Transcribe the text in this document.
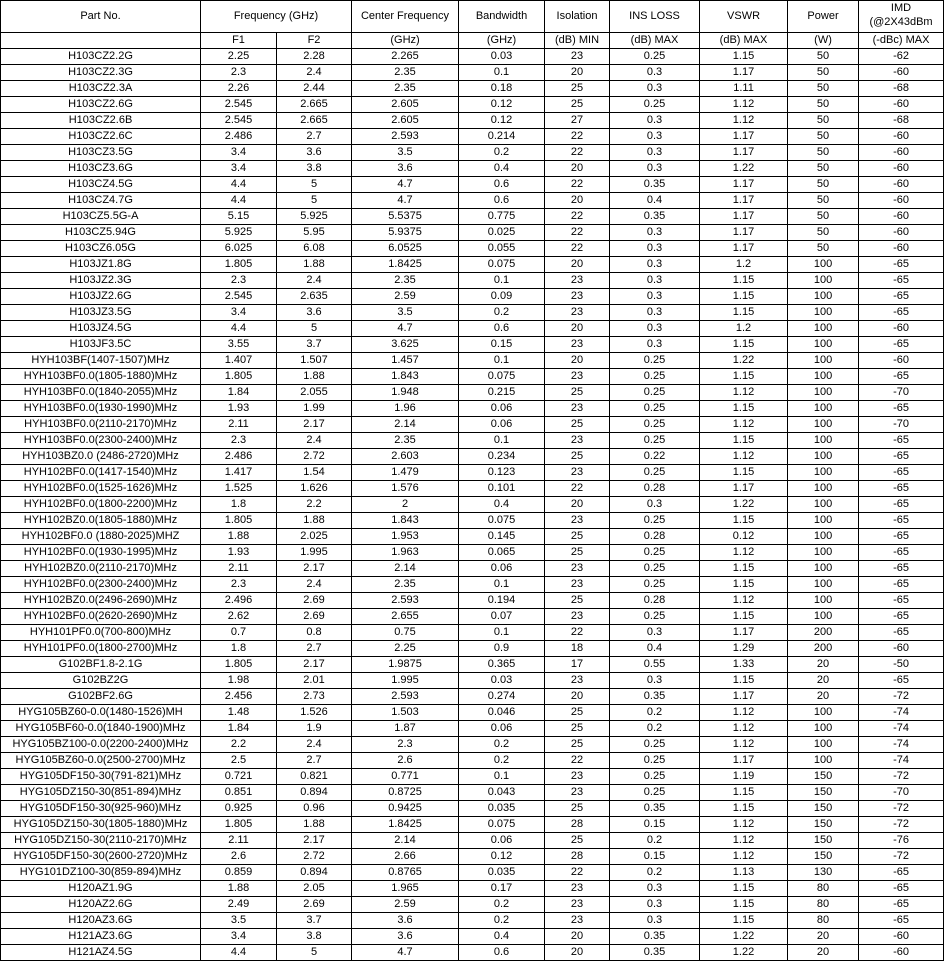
Part No.	Frequency (GHz)		Center Frequency	Bandwidth	Isolation	INS LOSS	VSWR	Power	IMD
(@2X43dBm

	F1	F2	(GHz)	(GHz)	(dB) MIN	(dB) MAX	(dB) MAX	(W)	(-dBc) MAX
H103CZ2.2G	2.25	2.28	2.265	0.03	23	0.25	1.15	50	-62
H103CZ2.3G	2.3	2.4	2.35	0.1	20	0.3	1.17	50	-60
H103CZ2.3A	2.26	2.44	2.35	0.18	25	0.3	1.11	50	-68
H103CZ2.6G	2.545	2.665	2.605	0.12	25	0.25	1.12	50	-60
H103CZ2.6B	2.545	2.665	2.605	0.12	27	0.3	1.12	50	-68
H103CZ2.6C	2.486	2.7	2.593	0.214	22	0.3	1.17	50	-60
H103CZ3.5G	3.4	3.6	3.5	0.2	22	0.3	1.17	50	-60
H103CZ3.6G	3.4	3.8	3.6	0.4	20	0.3	1.22	50	-60
H103CZ4.5G	4.4	5	4.7	0.6	22	0.35	1.17	50	-60
H103CZ4.7G	4.4	5	4.7	0.6	20	0.4	1.17	50	-60
H103CZ5.5G-A	5.15	5.925	5.5375	0.775	22	0.35	1.17	50	-60
H103CZ5.94G	5.925	5.95	5.9375	0.025	22	0.3	1.17	50	-60
H103CZ6.05G	6.025	6.08	6.0525	0.055	22	0.3	1.17	50	-60
H103JZ1.8G	1.805	1.88	1.8425	0.075	20	0.3	1.2	100	-65
H103JZ2.3G	2.3	2.4	2.35	0.1	23	0.3	1.15	100	-65
H103JZ2.6G	2.545	2.635	2.59	0.09	23	0.3	1.15	100	-65
H103JZ3.5G	3.4	3.6	3.5	0.2	23	0.3	1.15	100	-65
H103JZ4.5G	4.4	5	4.7	0.6	20	0.3	1.2	100	-60
H103JF3.5C	3.55	3.7	3.625	0.15	23	0.3	1.15	100	-65
HYH103BF(1407-1507)MHz	1.407	1.507	1.457	0.1	20	0.25	1.22	100	-60
HYH103BF0.0(1805-1880)MHz	1.805	1.88	1.843	0.075	23	0.25	1.15	100	-65
HYH103BF0.0(1840-2055)MHz	1.84	2.055	1.948	0.215	25	0.25	1.12	100	-70
HYH103BF0.0(1930-1990)MHz	1.93	1.99	1.96	0.06	23	0.25	1.15	100	-65
HYH103BF0.0(2110-2170)MHz	2.11	2.17	2.14	0.06	25	0.25	1.12	100	-70
HYH103BF0.0(2300-2400)MHz	2.3	2.4	2.35	0.1	23	0.25	1.15	100	-65
HYH103BZ0.0 (2486-2720)MHz	2.486	2.72	2.603	0.234	25	0.22	1.12	100	-65
HYH102BF0.0(1417-1540)MHz	1.417	1.54	1.479	0.123	23	0.25	1.15	100	-65
HYH102BF0.0(1525-1626)MHz	1.525	1.626	1.576	0.101	22	0.28	1.17	100	-65
HYH102BF0.0(1800-2200)MHz	1.8	2.2	2	0.4	20	0.3	1.22	100	-65
HYH102BZ0.0(1805-1880)MHz	1.805	1.88	1.843	0.075	23	0.25	1.15	100	-65
HYH102BF0.0 (1880-2025)MHZ	1.88	2.025	1.953	0.145	25	0.28	0.12	100	-65
HYH102BF0.0(1930-1995)MHz	1.93	1.995	1.963	0.065	25	0.25	1.12	100	-65
HYH102BZ0.0(2110-2170)MHz	2.11	2.17	2.14	0.06	23	0.25	1.15	100	-65
HYH102BF0.0(2300-2400)MHz	2.3	2.4	2.35	0.1	23	0.25	1.15	100	-65
HYH102BZ0.0(2496-2690)MHz	2.496	2.69	2.593	0.194	25	0.28	1.12	100	-65
HYH102BF0.0(2620-2690)MHz	2.62	2.69	2.655	0.07	23	0.25	1.15	100	-65
HYH101PF0.0(700-800)MHz	0.7	0.8	0.75	0.1	22	0.3	1.17	200	-65
HYH101PF0.0(1800-2700)MHz	1.8	2.7	2.25	0.9	18	0.4	1.29	200	-60
G102BF1.8-2.1G	1.805	2.17	1.9875	0.365	17	0.55	1.33	20	-50
G102BZ2G	1.98	2.01	1.995	0.03	23	0.3	1.15	20	-65
G102BF2.6G	2.456	2.73	2.593	0.274	20	0.35	1.17	20	-72
HYG105BZ60-0.0(1480-1526)MH	1.48	1.526	1.503	0.046	25	0.2	1.12	100	-74
HYG105BF60-0.0(1840-1900)MHz	1.84	1.9	1.87	0.06	25	0.2	1.12	100	-74
HYG105BZ100-0.0(2200-2400)MHz	2.2	2.4	2.3	0.2	25	0.25	1.12	100	-74
HYG105BZ60-0.0(2500-2700)MHz	2.5	2.7	2.6	0.2	22	0.25	1.17	100	-74
HYG105DF150-30(791-821)MHz	0.721	0.821	0.771	0.1	23	0.25	1.19	150	-72
HYG105DZ150-30(851-894)MHz	0.851	0.894	0.8725	0.043	23	0.25	1.15	150	-70
HYG105DF150-30(925-960)MHz	0.925	0.96	0.9425	0.035	25	0.35	1.15	150	-72
HYG105DZ150-30(1805-1880)MHz	1.805	1.88	1.8425	0.075	28	0.15	1.12	150	-72
HYG105DZ150-30(2110-2170)MHz	2.11	2.17	2.14	0.06	25	0.2	1.12	150	-76
HYG105DF150-30(2600-2720)MHz	2.6	2.72	2.66	0.12	28	0.15	1.12	150	-72
HYG101DZ100-30(859-894)MHz	0.859	0.894	0.8765	0.035	22	0.2	1.13	130	-65
H120AZ1.9G	1.88	2.05	1.965	0.17	23	0.3	1.15	80	-65
H120AZ2.6G	2.49	2.69	2.59	0.2	23	0.3	1.15	80	-65
H120AZ3.6G	3.5	3.7	3.6	0.2	23	0.3	1.15	80	-65
H121AZ3.6G	3.4	3.8	3.6	0.4	20	0.35	1.22	20	-60
H121AZ4.5G	4.4	5	4.7	0.6	20	0.35	1.22	20	-60
